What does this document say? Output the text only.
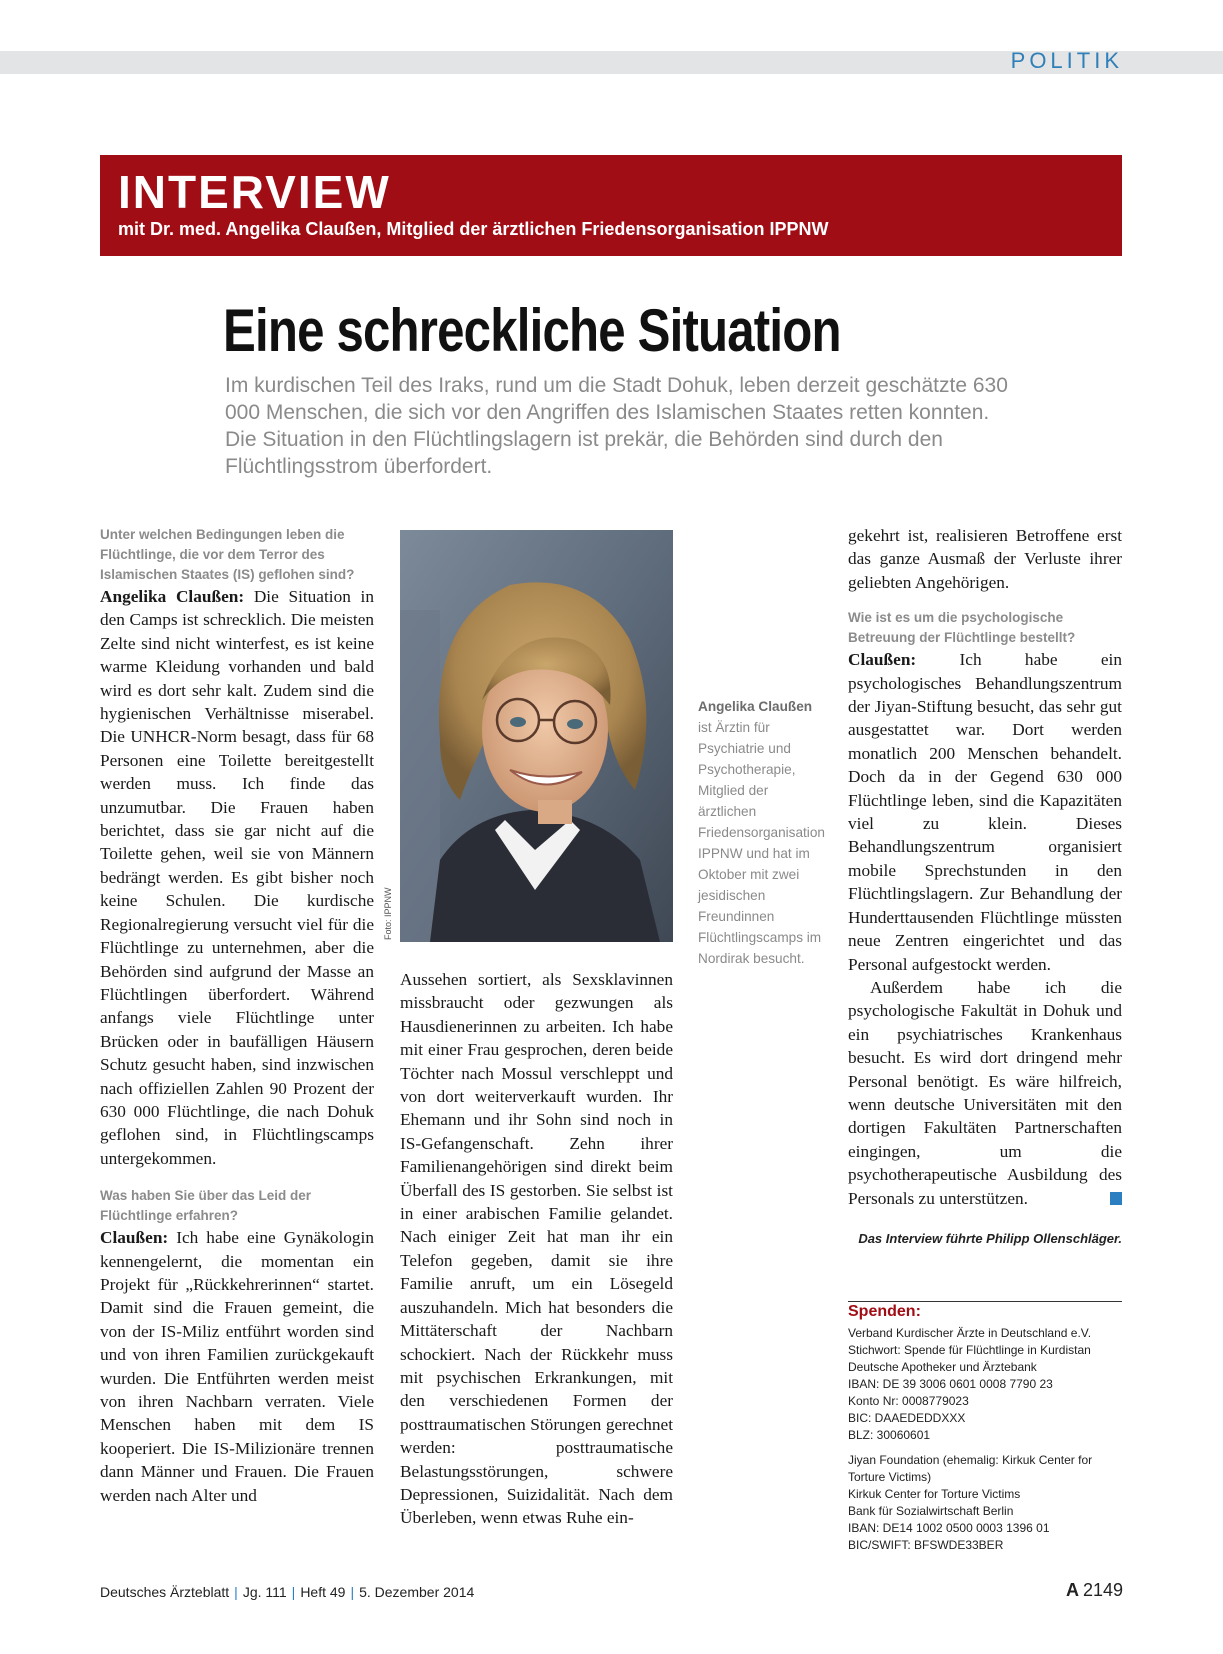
POLITIK
INTERVIEW
mit Dr. med. Angelika Claußen, Mitglied der ärztlichen Friedensorganisation IPPNW
Eine schreckliche Situation
Im kurdischen Teil des Iraks, rund um die Stadt Dohuk, leben derzeit geschätzte 630 000 Menschen, die sich vor den Angriffen des Islamischen Staates retten konnten. Die Situation in den Flüchtlingslagern ist prekär, die Behörden sind durch den Flüchtlingsstrom überfordert.

Unter welchen Bedingungen leben die Flüchtlinge, die vor dem Terror des Islamischen Staates (IS) geflohen sind?

Angelika Claußen: Die Situation in den Camps ist schrecklich. Die meisten Zelte sind nicht winterfest, es ist keine warme Kleidung vorhanden und bald wird es dort sehr kalt. Zudem sind die hygienischen Verhältnisse miserabel. Die UNHCR-Norm besagt, dass für 68 Personen eine Toilette bereitgestellt werden muss. Ich finde das unzumutbar. Die Frauen haben berichtet, dass sie gar nicht auf die Toilette gehen, weil sie von Männern bedrängt werden. Es gibt bisher noch keine Schulen. Die kurdische Regionalregierung versucht viel für die Flüchtlinge zu unternehmen, aber die Behörden sind aufgrund der Masse an Flüchtlingen überfordert. Während anfangs viele Flüchtlinge unter Brücken oder in baufälligen Häusern Schutz gesucht haben, sind inzwischen nach offiziellen Zahlen 90 Prozent der 630 000 Flüchtlinge, die nach Dohuk geflohen sind, in Flüchtlingscamps untergekommen.

Was haben Sie über das Leid der Flüchtlinge erfahren?

Claußen: Ich habe eine Gynäkologin kennengelernt, die momentan ein Projekt für „Rückkehrerinnen“ startet. Damit sind die Frauen gemeint, die von der IS-Miliz entführt worden sind und von ihren Familien zurückgekauft wurden. Die Entführten werden meist von ihren Nachbarn verraten. Viele Menschen haben mit dem IS kooperiert. Die IS-Milizionäre trennen dann Männer und Frauen. Die Frauen werden nach Alter und

Foto: IPPNW
Angelika Claußen
ist Ärztin für Psychiatrie und Psychotherapie, Mitglied der ärztlichen Friedensorganisation IPPNW und hat im Oktober mit zwei jesidischen Freundinnen Flüchtlingscamps im Nordirak besucht.

Aussehen sortiert, als Sexsklavinnen missbraucht oder gezwungen als Hausdienerinnen zu arbeiten. Ich habe mit einer Frau gesprochen, deren beide Töchter nach Mossul verschleppt und von dort weiterverkauft wurden. Ihr Ehemann und ihr Sohn sind noch in IS-Gefangenschaft. Zehn ihrer Familienangehörigen sind direkt beim Überfall des IS gestorben. Sie selbst ist in einer arabischen Familie gelandet. Nach einiger Zeit hat man ihr ein Telefon gegeben, damit sie ihre Familie anruft, um ein Lösegeld auszuhandeln. Mich hat besonders die Mittäterschaft der Nachbarn schockiert. Nach der Rückkehr muss mit psychischen Erkrankungen, mit den verschiedenen Formen der posttraumatischen Störungen gerechnet werden: posttraumatische Belastungsstörungen, schwere Depressionen, Suizidalität. Nach dem Überleben, wenn etwas Ruhe ein-

gekehrt ist, realisieren Betroffene erst das ganze Ausmaß der Verluste ihrer geliebten Angehörigen.

Wie ist es um die psychologische Betreuung der Flüchtlinge bestellt?

Claußen: Ich habe ein psychologisches Behandlungszentrum der Jiyan-Stiftung besucht, das sehr gut ausgestattet war. Dort werden monatlich 200 Menschen behandelt. Doch da in der Gegend 630 000 Flüchtlinge leben, sind die Kapazitäten viel zu klein. Dieses Behandlungszentrum organisiert mobile Sprechstunden in den Flüchtlingslagern. Zur Behandlung der Hunderttausenden Flüchtlinge müssten neue Zentren eingerichtet und das Personal aufgestockt werden.

Außerdem habe ich die psychologische Fakultät in Dohuk und ein psychiatrisches Krankenhaus besucht. Es wird dort dringend mehr Personal benötigt. Es wäre hilfreich, wenn deutsche Universitäten mit den dortigen Fakultäten Partnerschaften eingingen, um die psychotherapeutische Ausbildung des Personals zu unterstützen.

Das Interview führte Philipp Ollenschläger.
Spenden:
Verband Kurdischer Ärzte in Deutschland e.V.
Stichwort: Spende für Flüchtlinge in Kurdistan
Deutsche Apotheker und Ärztebank
IBAN: DE 39 3006 0601 0008 7790 23
Konto Nr: 0008779023
BIC: DAAEDEDDXXX
BLZ: 30060601
Jiyan Foundation (ehemalig: Kirkuk Center for
Torture Victims)
Kirkuk Center for Torture Victims
Bank für Sozialwirtschaft Berlin
IBAN: DE14 1002 0500 0003 1396 01
BIC/SWIFT: BFSWDE33BER
Deutsches Ärzteblatt | Jg. 111 | Heft 49 | 5. Dezember 2014	A 2149
